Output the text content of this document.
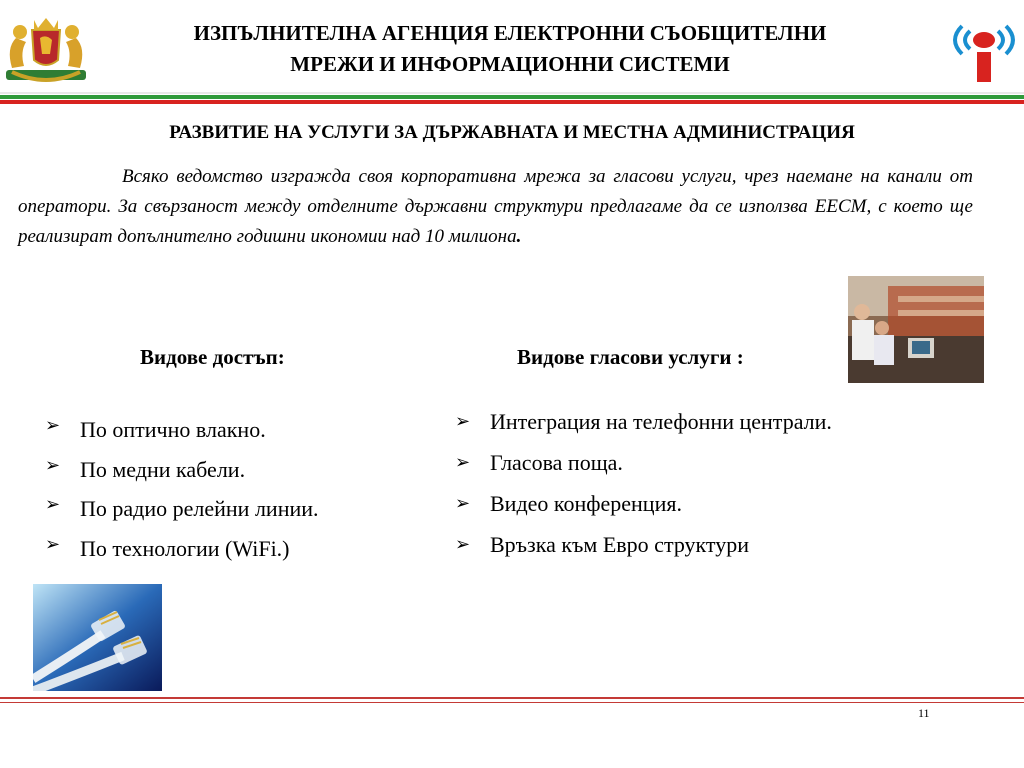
ИЗПЪЛНИТЕЛНА АГЕНЦИЯ ЕЛЕКТРОННИ СЪОБЩИТЕЛНИ
МРЕЖИ И ИНФОРМАЦИОННИ СИСТЕМИ
РАЗВИТИЕ НА УСЛУГИ ЗА ДЪРЖАВНАТА И МЕСТНА АДМИНИСТРАЦИЯ
Всяко ведомство изгражда своя корпоративна мрежа за гласови услуги, чрез наемане на канали от оператори. За свързаност между отделните държавни структури предлагаме да се използва ЕЕСМ, с което ще реализират допълнително годишни икономии над 10 милиона.
Видове достъп:	Видове гласови услуги :
➢ По оптично влакно.
➢ По медни кабели.
➢ По радио релейни линии.
➢ По технологии (WiFi.)
➢ Интеграция на телефонни централи.
➢ Гласова поща.
➢ Видео конференция.
➢ Връзка към Евро структури
11
